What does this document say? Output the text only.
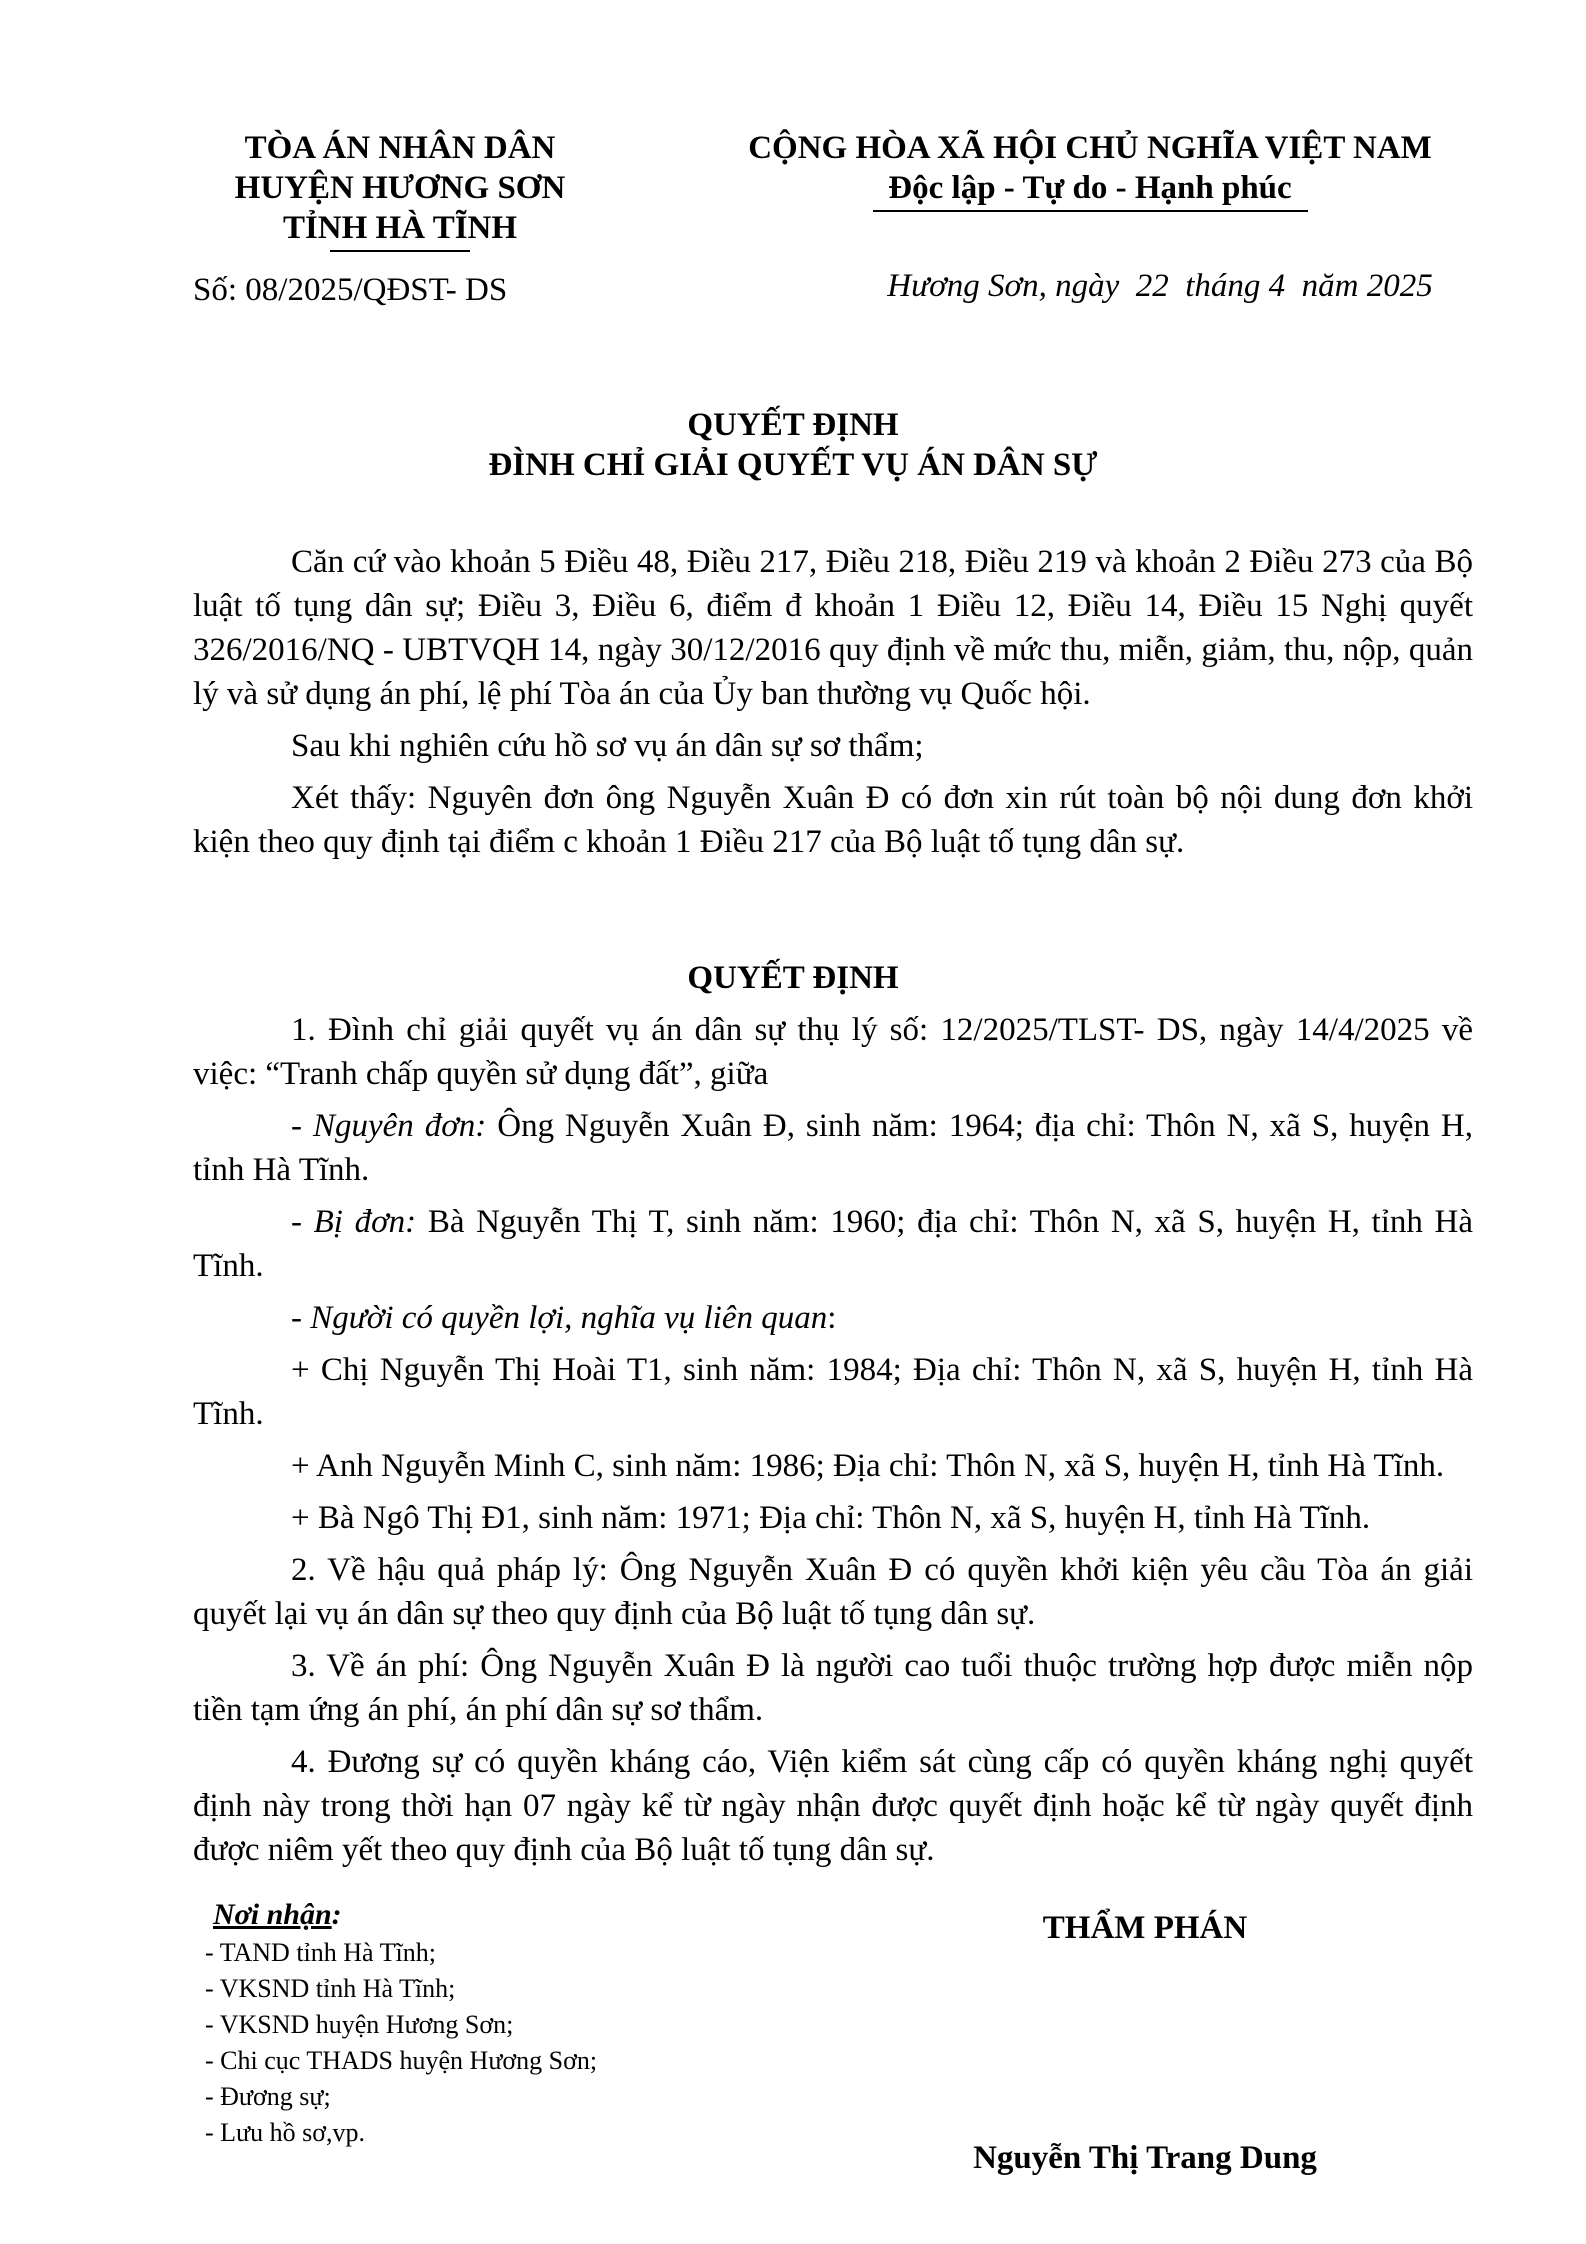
TÒA ÁN NHÂN DÂN
HUYỆN HƯƠNG SƠN
TỈNH HÀ TĨNH
CỘNG HÒA XÃ HỘI CHỦ NGHĨA VIỆT NAM
Độc lập - Tự do - Hạnh phúc
Số: 08/2025/QĐST- DS	Hương Sơn, ngày  22  tháng 4  năm 2025
QUYẾT ĐỊNH
ĐÌNH CHỈ GIẢI QUYẾT VỤ ÁN DÂN SỰ

Căn cứ vào khoản 5 Điều 48, Điều 217, Điều 218, Điều 219 và khoản 2 Điều 273 của Bộ luật tố tụng dân sự; Điều 3, Điều 6, điểm đ khoản 1 Điều 12, Điều 14, Điều 15 Nghị quyết 326/2016/NQ - UBTVQH 14, ngày 30/12/2016 quy định về mức thu, miễn, giảm, thu, nộp, quản lý và sử dụng án phí, lệ phí Tòa án của Ủy ban thường vụ Quốc hội.

Sau khi nghiên cứu hồ sơ vụ án dân sự sơ thẩm;

Xét thấy: Nguyên đơn ông Nguyễn Xuân Đ có đơn xin rút toàn bộ nội dung đơn khởi kiện theo quy định tại điểm c khoản 1 Điều 217 của Bộ luật tố tụng dân sự.

QUYẾT ĐỊNH

1. Đình chỉ giải quyết vụ án dân sự thụ lý số: 12/2025/TLST- DS, ngày 14/4/2025 về việc: “Tranh chấp quyền sử dụng đất”, giữa

- Nguyên đơn: Ông Nguyễn Xuân Đ, sinh năm: 1964; địa chỉ: Thôn N, xã S, huyện H, tỉnh Hà Tĩnh.

- Bị đơn: Bà Nguyễn Thị T, sinh năm: 1960; địa chỉ: Thôn N, xã S, huyện H, tỉnh Hà Tĩnh.

- Người có quyền lợi, nghĩa vụ liên quan:

+ Chị Nguyễn Thị Hoài T1, sinh năm: 1984; Địa chỉ: Thôn N, xã S, huyện H, tỉnh Hà Tĩnh.

+ Anh Nguyễn Minh C, sinh năm: 1986; Địa chỉ: Thôn N, xã S, huyện H, tỉnh Hà Tĩnh.

+ Bà Ngô Thị Đ1, sinh năm: 1971; Địa chỉ: Thôn N, xã S, huyện H, tỉnh Hà Tĩnh.

2. Về hậu quả pháp lý: Ông Nguyễn Xuân Đ có quyền khởi kiện yêu cầu Tòa án giải quyết lại vụ án dân sự theo quy định của Bộ luật tố tụng dân sự.

3. Về án phí: Ông Nguyễn Xuân Đ là người cao tuổi thuộc trường hợp được miễn nộp tiền tạm ứng án phí, án phí dân sự sơ thẩm.

4. Đương sự có quyền kháng cáo, Viện kiểm sát cùng cấp có quyền kháng nghị quyết định này trong thời hạn 07 ngày kể từ ngày nhận được quyết định hoặc kể từ ngày quyết định được niêm yết theo quy định của Bộ luật tố tụng dân sự.

Nơi nhận:
- TAND tỉnh Hà Tĩnh;
- VKSND tỉnh Hà Tĩnh;
- VKSND huyện Hương Sơn;
- Chi cục THADS huyện Hương Sơn;
- Đương sự;
- Lưu hồ sơ,vp.
THẨM PHÁN
Nguyễn Thị Trang Dung
